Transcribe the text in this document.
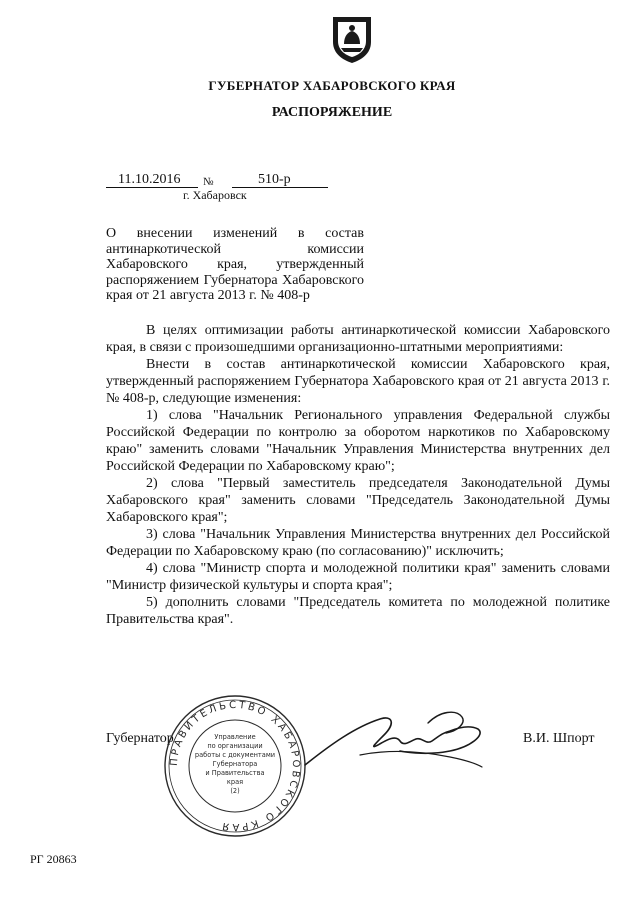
ГУБЕРНАТОР ХАБАРОВСКОГО КРАЯ
РАСПОРЯЖЕНИЕ
11.10.2016 №	510-р
г. Хабаровск
О внесении изменений в состав антинаркотической комиссии Хабаровского края, утвержденный распоряжением Губернатора Хабаровского края от 21 августа 2013 г. № 408-р

В целях оптимизации работы антинаркотической комиссии Хабаровского края, в связи с произошедшими организационно-штатными мероприятиями:

Внести в состав антинаркотической комиссии Хабаровского края, утвержденный распоряжением Губернатора Хабаровского края от 21 августа 2013 г. № 408-р, следующие изменения:

1) слова "Начальник Регионального управления Федеральной службы Российской Федерации по контролю за оборотом наркотиков по Хабаровскому краю" заменить словами "Начальник Управления Министерства внутренних дел Российской Федерации по Хабаровскому краю";

2) слова "Первый заместитель председателя Законодательной Думы Хабаровского края" заменить словами "Председатель Законодательной Думы Хабаровского края";

3) слова "Начальник Управления Министерства внутренних дел Российской Федерации по Хабаровскому краю (по согласованию)" исключить;

4) слова "Министр спорта и молодежной политики края" заменить словами "Министр физической культуры и спорта края";

5) дополнить словами "Председатель комитета по молодежной политике Правительства края".

Губернатор	В.И. Шпорт
ПРАВИТЕЛЬСТВО ХАБАРОВСКОГО КРАЯ
Управление
по организации
работы с документами
Губернатора
и Правительства
края
(2)
РГ 20863
